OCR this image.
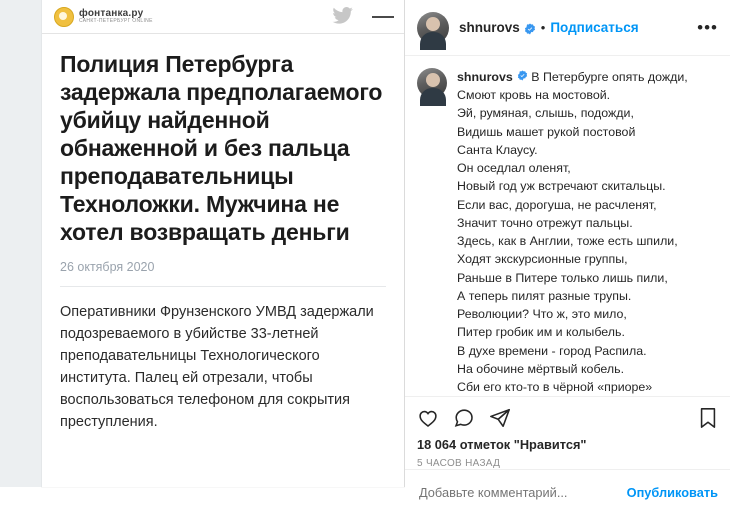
фонтанка.ру
САНКТ-ПЕТЕРБУРГ ONLINE
Полиция Петербурга задержала предполагаемого убийцу найденной обнаженной и без пальца преподавательницы Техноложки. Мужчина не хотел возвращать деньги
26 октября 2020

Оперативники Фрунзенского УМВД задержали подозреваемого в убийстве 33-летней преподавательницы Технологического института. Палец ей отрезали, чтобы воспользоваться телефоном для сокрытия преступления.

shnurovs • Подписаться	•••
shnurovs В Петербурге опять дожди,
Смоют кровь на мостовой.
Эй, румяная, слышь, подожди,
Видишь машет рукой постовой
Санта Клаусу.
Он оседлал оленят,
Новый год уж встречают скитальцы.
Если вас, дорогуша, не расчленят,
Значит точно отрежут пальцы.
Здесь, как в Англии, тоже есть шпили,
Ходят экскурсионные группы,
Раньше в Питере только лишь пили,
А теперь пилят разные трупы.
Революции? Что ж, это мило,
Питер гробик им и колыбель.
В духе времени - город Распила.
На обочине мёртвый кобель.
Сби его кто-то в чёрной «приоре»
18 064 отметок "Нравится"
5 ЧАСОВ НАЗАД
Добавьте комментарий...
Опубликовать
